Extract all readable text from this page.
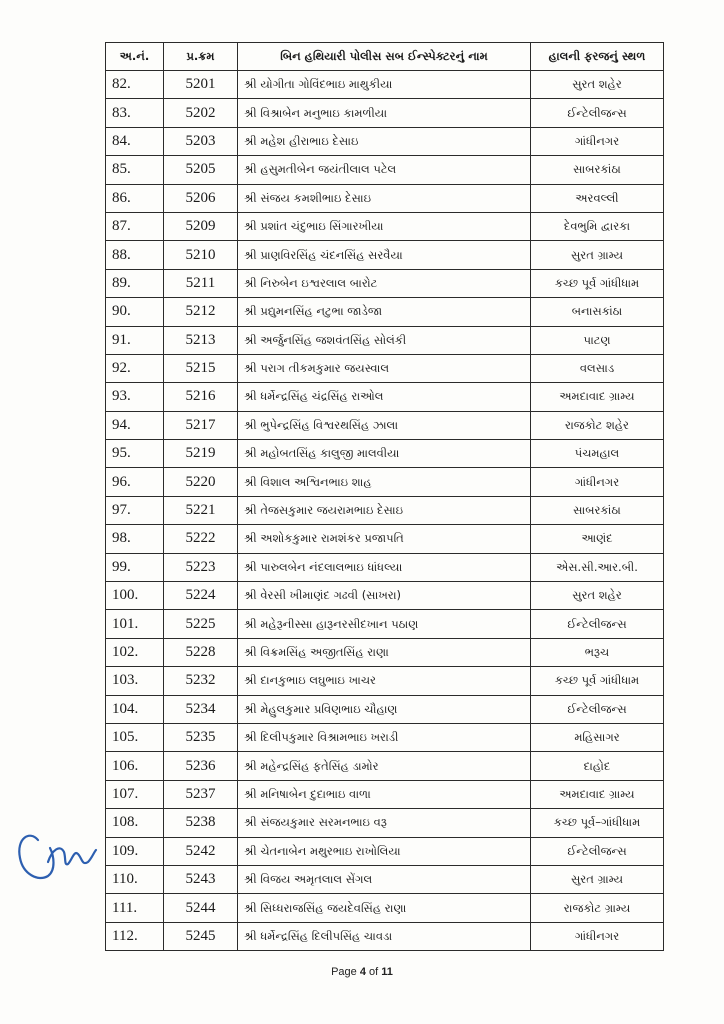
અ.નં.	પ્ર.ક્રમ	બિન હથિયારી પોલીસ સબ ઈન્સ્પેક્ટરનું નામ	હાલની ફરજનું સ્થળ
82.	5201	શ્રી યોગીતા ગોવિંદભાઇ માથુકીયા	સુરત શહેર
83.	5202	શ્રી વિશ્રાબેન મનુભાઇ કામળીયા	ઈન્ટેલીજન્સ
84.	5203	શ્રી મહેશ હીરાભાઇ દેસાઇ	ગાંધીનગર
85.	5205	શ્રી હસુમતીબેન જયંતીલાલ પટેલ	સાબરકાંઠા
86.	5206	શ્રી સંજય કમશીભાઇ દેસાઇ	અરવલ્લી
87.	5209	શ્રી પ્રશાંત ચંદુભાઇ સિંગારખીયા	દેવભુમિ દ્વારકા
88.	5210	શ્રી પ્રાણવિરસિંહ ચંદનસિંહ સરવૈયા	સુરત ગ્રામ્ય
89.	5211	શ્રી નિરુબેન ઇશ્વરલાલ બારોટ	કચ્છ પૂર્વ ગાંધીધામ
90.	5212	શ્રી પ્રદ્યુમનસિંહ નટુભા જાડેજા	બનાસકાંઠા
91.	5213	શ્રી અર્જુનસિંહ જશવંતસિંહ સોલંકી	પાટણ
92.	5215	શ્રી પરાગ તીકમકુમાર જયસ્વાલ	વલસાડ
93.	5216	શ્રી ધર્મેન્દ્રસિંહ ચંદ્રસિંહ રાઓલ	અમદાવાદ ગ્રામ્ય
94.	5217	શ્રી ભુપેન્દ્રસિંહ વિશ્વરથસિંહ ઝાલા	રાજકોટ શહેર
95.	5219	શ્રી મહોબતસિંહ કાલુજી માલવીયા	પંચમહાલ
96.	5220	શ્રી વિશાલ અશ્વિનભાઇ શાહ	ગાંધીનગર
97.	5221	શ્રી તેજસકુમાર જયરામભાઇ દેસાઇ	સાબરકાંઠા
98.	5222	શ્રી અશોકકુમાર રામશંકર પ્રજાપતિ	આણંદ
99.	5223	શ્રી પારુલબેન નંદલાલભાઇ ધાંધલ્યા	એસ.સી.આર.બી.
100.	5224	શ્રી વેરસી ખીમાણંદ ગઢવી (સાખરા)	સુરત શહેર
101.	5225	શ્રી મહેરૂનીસ્સા હારૂનરસીદખાન પઠાણ	ઈન્ટેલીજન્સ
102.	5228	શ્રી વિક્રમસિંહ અજીતસિંહ રાણા	ભરૂચ
103.	5232	શ્રી દાનકુભાઇ લઘુભાઇ ખાચર	કચ્છ પૂર્વ ગાંધીધામ
104.	5234	શ્રી મેહુલકુમાર પ્રવિણભાઇ ચૌહાણ	ઈન્ટેલીજન્સ
105.	5235	શ્રી દિલીપકુમાર વિશ્રામભાઇ ખરાડી	મહિસાગર
106.	5236	શ્રી મહેન્દ્રસિંહ ફતેસિંહ ડામોર	દાહોદ
107.	5237	શ્રી મનિષાબેન દુદાભાઇ વાળા	અમદાવાદ ગ્રામ્ય
108.	5238	શ્રી સંજયકુમાર સરમનભાઇ વરૂ	કચ્છ પૂર્વ–ગાંધીધામ
109.	5242	શ્રી ચેતનાબેન મથુરભાઇ રાખોલિયા	ઈન્ટેલીજન્સ
110.	5243	શ્રી વિજય અમૃતલાલ સેંગલ	સુરત ગ્રામ્ય
111.	5244	શ્રી સિધ્ધરાજસિંહ જયદેવસિંહ રાણા	રાજકોટ ગ્રામ્ય
112.	5245	શ્રી ધર્મેન્દ્રસિંહ દિલીપસિંહ ચાવડા	ગાંધીનગર
Page 4 of 11
